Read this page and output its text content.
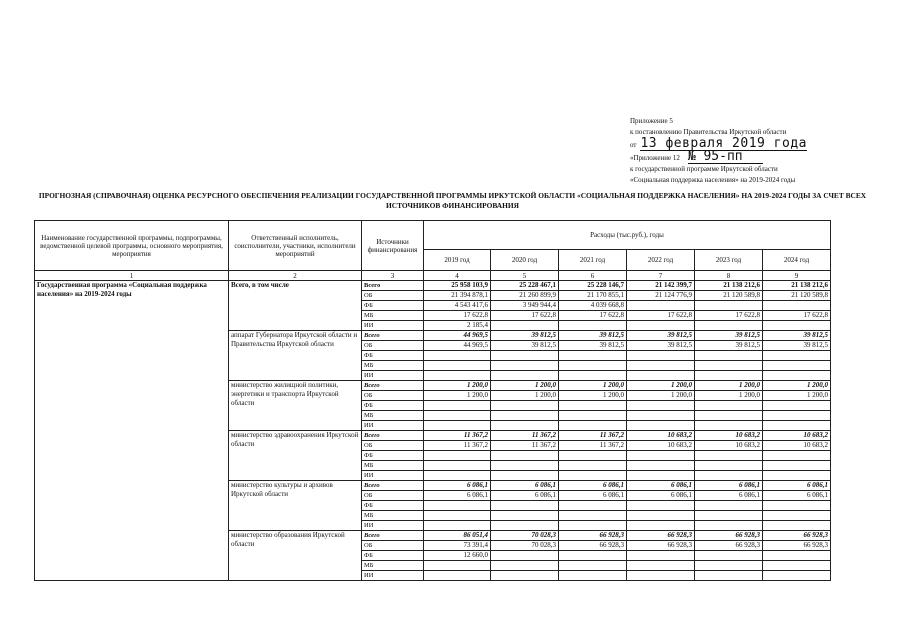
Приложение 5
к постановлению Правительства Иркутской области
от 13 февраля 2019 года
«Приложение 12 № 95-пп
к государственной программе Иркутской области
«Социальная поддержка населения» на 2019-2024 годы
ПРОГНОЗНАЯ (СПРАВОЧНАЯ) ОЦЕНКА РЕСУРСНОГО ОБЕСПЕЧЕНИЯ РЕАЛИЗАЦИИ ГОСУДАРСТВЕННОЙ ПРОГРАММЫ ИРКУТСКОЙ ОБЛАСТИ «СОЦИАЛЬНАЯ ПОДДЕРЖКА НАСЕЛЕНИЯ» НА 2019-2024 ГОДЫ ЗА СЧЕТ ВСЕХ ИСТОЧНИКОВ ФИНАНСИРОВАНИЯ
Наименование государственной программы, подпрограммы, ведомственной целевой программы, основного мероприятия, мероприятия	Ответственный исполнитель, соисполнители, участники, исполнители мероприятий	Источники финансирования	Расходы (тыс.руб.), годы					
			2019 год	2020 год	2021 год	2022 год	2023 год	2024 год
1	2	3	4	5	6	7	8	9
Государственная программа «Социальная поддержка населения» на 2019-2024 годы	Всего, в том числе	Всего	25 958 103,9	25 228 467,1	25 228 146,7	21 142 399,7	21 138 212,6	21 138 212,6
		ОБ	21 394 878,1	21 260 899,9	21 170 855,1	21 124 776,9	21 120 589,8	21 120 589,8
		ФБ	4 543 417,6	3 949 944,4	4 039 668,8			
		МБ	17 622,8	17 622,8	17 622,8	17 622,8	17 622,8	17 622,8
		ИИ	2 185,4					
	аппарат Губернатора Иркутской области и Правительства Иркутской области	Всего	44 969,5	39 812,5	39 812,5	39 812,5	39 812,5	39 812,5
		ОБ	44 969,5	39 812,5	39 812,5	39 812,5	39 812,5	39 812,5
		ФБ						
		МБ						
		ИИ						
	министерство жилищной политики, энергетики и транспорта Иркутской области	Всего	1 200,0	1 200,0	1 200,0	1 200,0	1 200,0	1 200,0
		ОБ	1 200,0	1 200,0	1 200,0	1 200,0	1 200,0	1 200,0
		ФБ						
		МБ						
		ИИ						
	министерство здравоохранения Иркутской области	Всего	11 367,2	11 367,2	11 367,2	10 683,2	10 683,2	10 683,2
		ОБ	11 367,2	11 367,2	11 367,2	10 683,2	10 683,2	10 683,2
		ФБ						
		МБ						
		ИИ						
	министерство культуры и архивов Иркутской области	Всего	6 086,1	6 086,1	6 086,1	6 086,1	6 086,1	6 086,1
		ОБ	6 086,1	6 086,1	6 086,1	6 086,1	6 086,1	6 086,1
		ФБ						
		МБ						
		ИИ						
	министерство образования Иркутской области	Всего	86 051,4	70 028,3	66 928,3	66 928,3	66 928,3	66 928,3
		ОБ	73 391,4	70 028,3	66 928,3	66 928,3	66 928,3	66 928,3
		ФБ	12 660,0					
		МБ						
		ИИ						
